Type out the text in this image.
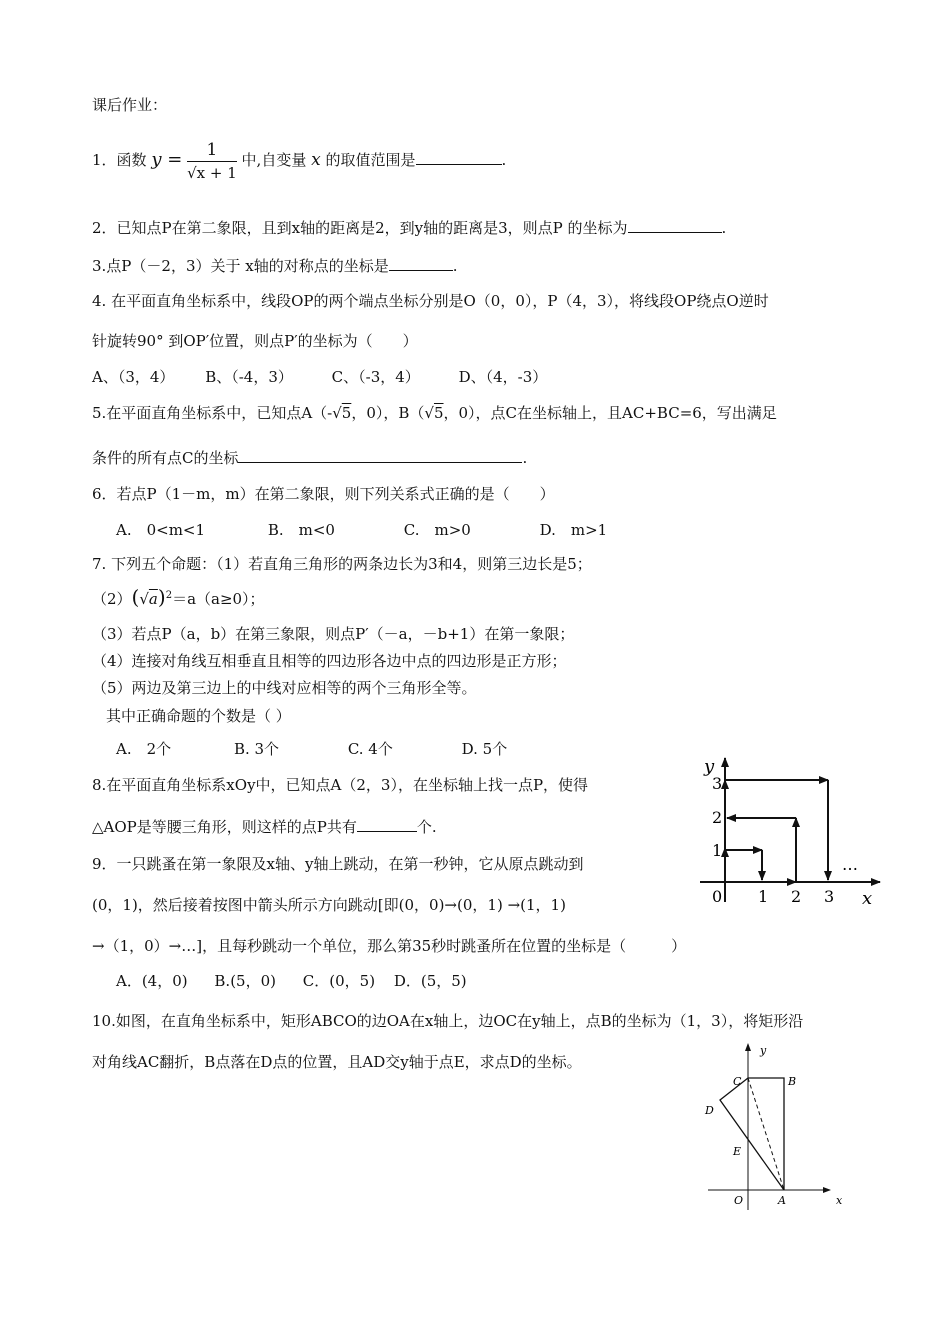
课后作业：
1．函数 $y = \frac{1}{√x + 1}$ 中,自变量 x 的取值范围是	.
2．已知点P在第二象限，且到x轴的距离是2，到y轴的距离是3，则点P 的坐标为	.
3.点P（－2，3）关于 x轴的对称点的坐标是	.
4. 在平面直角坐标系中，线段OP的两个端点坐标分别是O（0，0），P（4，3），将线段OP绕点O逆时
针旋转90° 到OP′位置，则点P′的坐标为（　　）
A、（3，4） B、（-4，3）	C、（-3，4）	D、（4，-3）
5.在平面直角坐标系中，已知点A（-√5，0），B（√5，0），点C在坐标轴上，且AC+BC=6，写出满足
条件的所有点C的坐标	.
6．若点P（1－m，m）在第二象限，则下列关系式正确的是（　　）
A.　0<m<1	B.　m<0	C.　m>0	D.　m>1
7. 下列五个命题：（1）若直角三角形的两条边长为3和4，则第三边长是5；
$(2)(√a)^2=a(a\ge 0)$；
（3）若点P（a，b）在第三象限，则点P′（－a，－b+1）在第一象限；
（4）连接对角线互相垂直且相等的四边形各边中点的四边形是正方形；
（5）两边及第三边上的中线对应相等的两个三角形全等。
其中正确命题的个数是（ ）
A.　2个	B. 3个	C. 4个	D. 5个
8.在平面直角坐标系xOy中，已知点A（2，3），在坐标轴上找一点P，使得
△AOP是等腰三角形，则这样的点P共有	个.
9．一只跳蚤在第一象限及x轴、y轴上跳动，在第一秒钟，它从原点跳动到
(0，1)，然后接着按图中箭头所示方向跳动[即(0，0)→(0，1) →(1，1)
→（1，0）→…]，且每秒跳动一个单位，那么第35秒时跳蚤所在位置的坐标是（　　　）
A．(4，0) B.(5，0) C．(0，5) D．(5，5)
10.如图，在直角坐标系中，矩形ABCO的边OA在x轴上，边OC在y轴上，点B的坐标为（1，3），将矩形沿
对角线AC翻折，B点落在D点的位置，且AD交y轴于点E，求点D的坐标。
y
x
0 1 2 3
1
2
3
…
y
x
O	A
B
C
D
E
